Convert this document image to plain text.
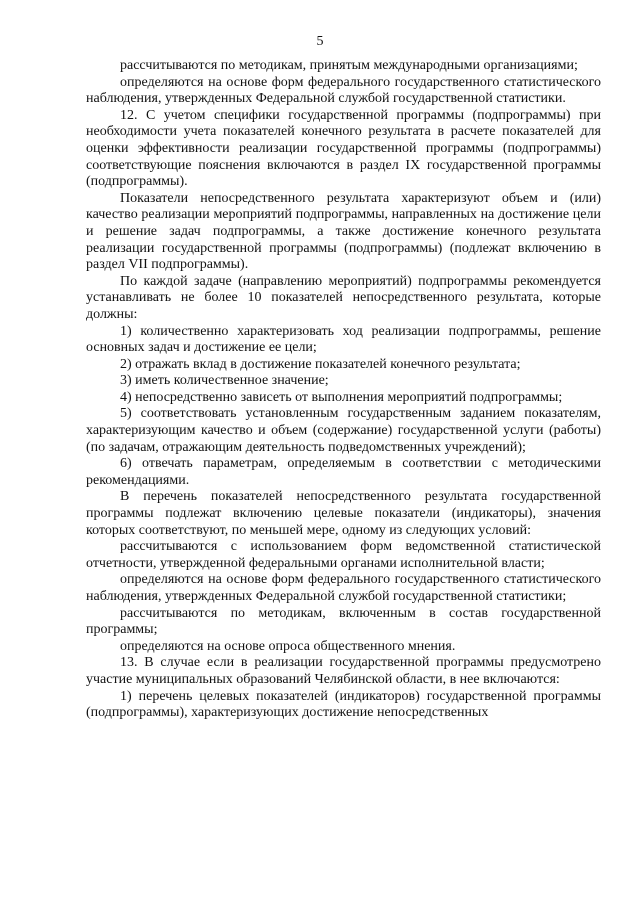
5

рассчитываются по методикам, принятым международными организациями;

определяются на основе форм федерального государственного статистического наблюдения, утвержденных Федеральной службой государственной статистики.

12. С учетом специфики государственной программы (подпрограммы) при необходимости учета показателей конечного результата в расчете показателей для оценки эффективности реализации государственной программы (подпрограммы) соответствующие пояснения включаются в раздел IX государственной программы (подпрограммы).

Показатели непосредственного результата характеризуют объем и (или) качество реализации мероприятий подпрограммы, направленных на достижение цели и решение задач подпрограммы, а также достижение конечного результата реализации государственной программы (подпрограммы) (подлежат включению в раздел VII подпрограммы).

По каждой задаче (направлению мероприятий) подпрограммы рекомендуется устанавливать не более 10 показателей непосредственного результата, которые должны:

1) количественно характеризовать ход реализации подпрограммы, решение основных задач и достижение ее цели;

2) отражать вклад в достижение показателей конечного результата;

3) иметь количественное значение;

4) непосредственно зависеть от выполнения мероприятий подпрограммы;

5) соответствовать установленным государственным заданием показателям, характеризующим качество и объем (содержание) государственной услуги (работы) (по задачам, отражающим деятельность подведомственных учреждений);

6) отвечать параметрам, определяемым в соответствии с методическими рекомендациями.

В перечень показателей непосредственного результата государственной программы подлежат включению целевые показатели (индикаторы), значения которых соответствуют, по меньшей мере, одному из следующих условий:

рассчитываются с использованием форм ведомственной статистической отчетности, утвержденной федеральными органами исполнительной власти;

определяются на основе форм федерального государственного статистического наблюдения, утвержденных Федеральной службой государственной статистики;

рассчитываются по методикам, включенным в состав государственной программы;

определяются на основе опроса общественного мнения.

13. В случае если в реализации государственной программы предусмотрено участие муниципальных образований Челябинской области, в нее включаются:

1) перечень целевых показателей (индикаторов) государственной программы (подпрограммы), характеризующих достижение непосредственных
